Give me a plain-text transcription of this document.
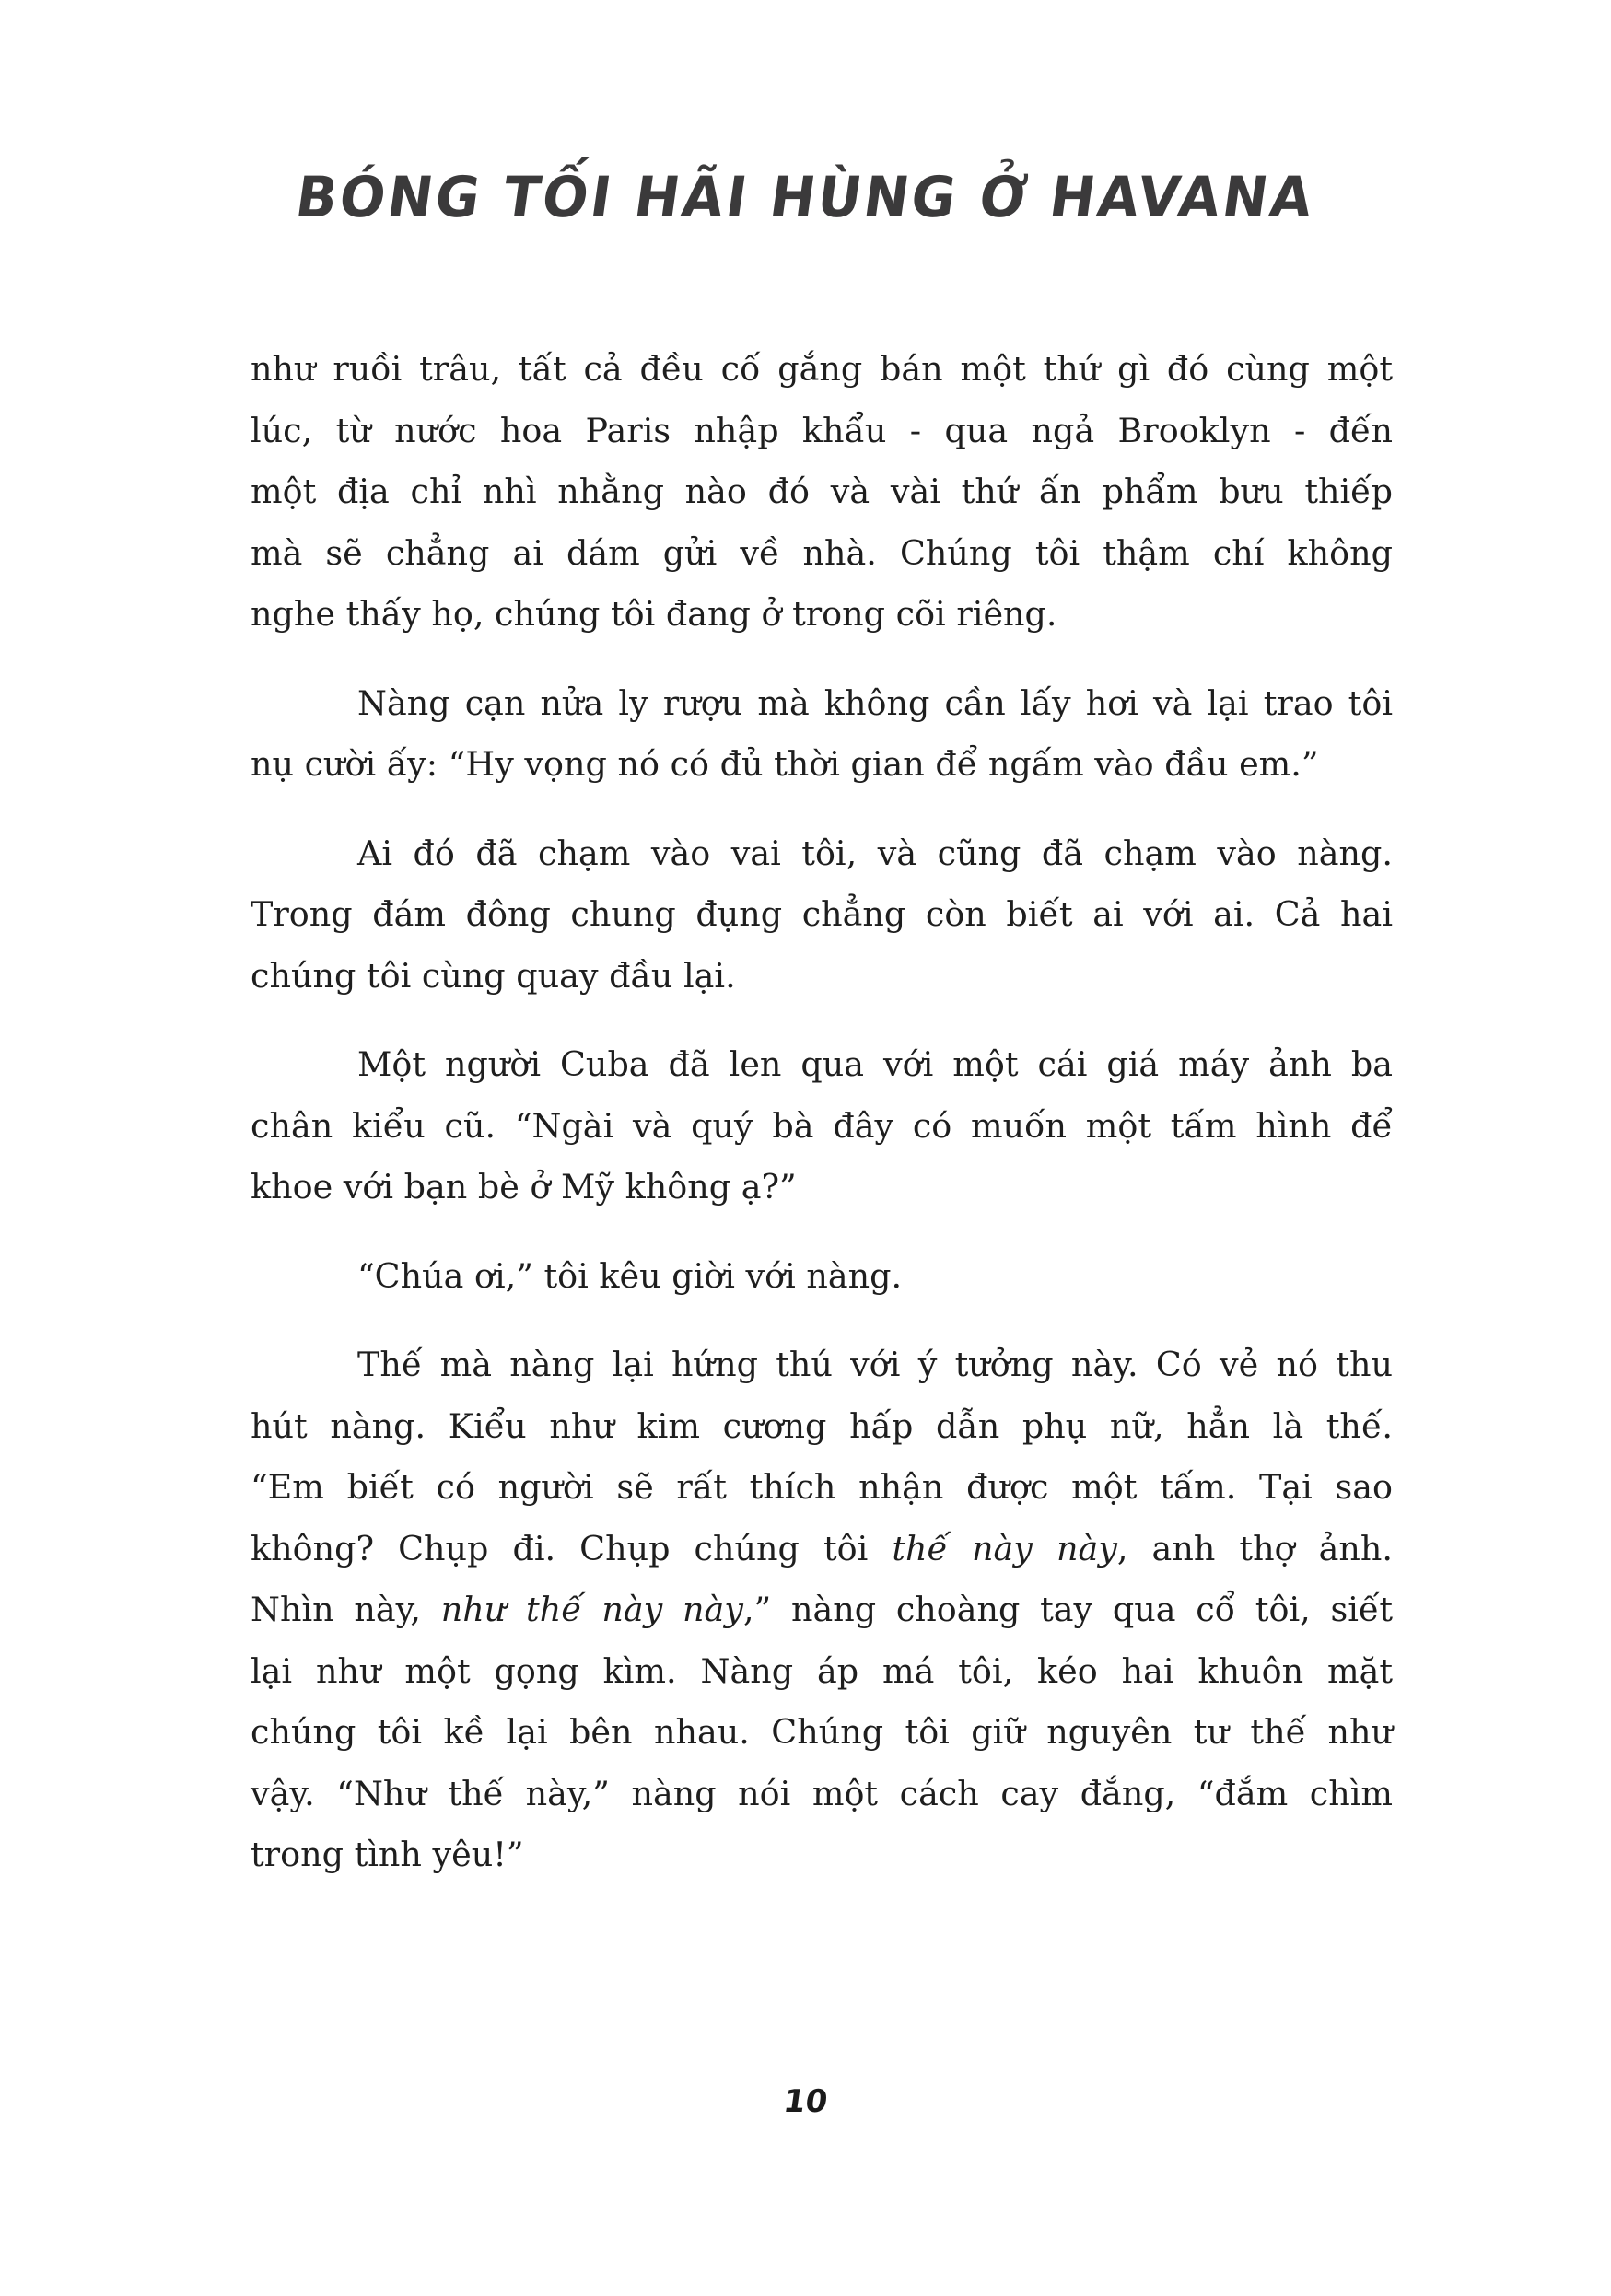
BÓNG TỐI HÃI HÙNG Ở HAVANA
như ruồi trâu, tất cả đều cố gắng bán một thứ gì đó cùng một
lúc, từ nước hoa Paris nhập khẩu - qua ngả Brooklyn - đến
một địa chỉ nhì nhằng nào đó và vài thứ ấn phẩm bưu thiếp
mà sẽ chẳng ai dám gửi về nhà. Chúng tôi thậm chí không
nghe thấy họ, chúng tôi đang ở trong cõi riêng.
Nàng cạn nửa ly rượu mà không cần lấy hơi và lại trao tôi
nụ cười ấy: “Hy vọng nó có đủ thời gian để ngấm vào đầu em.”
Ai đó đã chạm vào vai tôi, và cũng đã chạm vào nàng.
Trong đám đông chung đụng chẳng còn biết ai với ai. Cả hai
chúng tôi cùng quay đầu lại.
Một người Cuba đã len qua với một cái giá máy ảnh ba
chân kiểu cũ. “Ngài và quý bà đây có muốn một tấm hình để
khoe với bạn bè ở Mỹ không ạ?”
“Chúa ơi,” tôi kêu giời với nàng.
Thế mà nàng lại hứng thú với ý tưởng này. Có vẻ nó thu
hút nàng. Kiểu như kim cương hấp dẫn phụ nữ, hẳn là thế.
“Em biết có người sẽ rất thích nhận được một tấm. Tại sao
không? Chụp đi. Chụp chúng tôi thế này này, anh thợ ảnh.
Nhìn này, như thế này này,” nàng choàng tay qua cổ tôi, siết
lại như một gọng kìm. Nàng áp má tôi, kéo hai khuôn mặt
chúng tôi kề lại bên nhau. Chúng tôi giữ nguyên tư thế như
vậy. “Như thế này,” nàng nói một cách cay đắng, “đắm chìm
trong tình yêu!”
10
